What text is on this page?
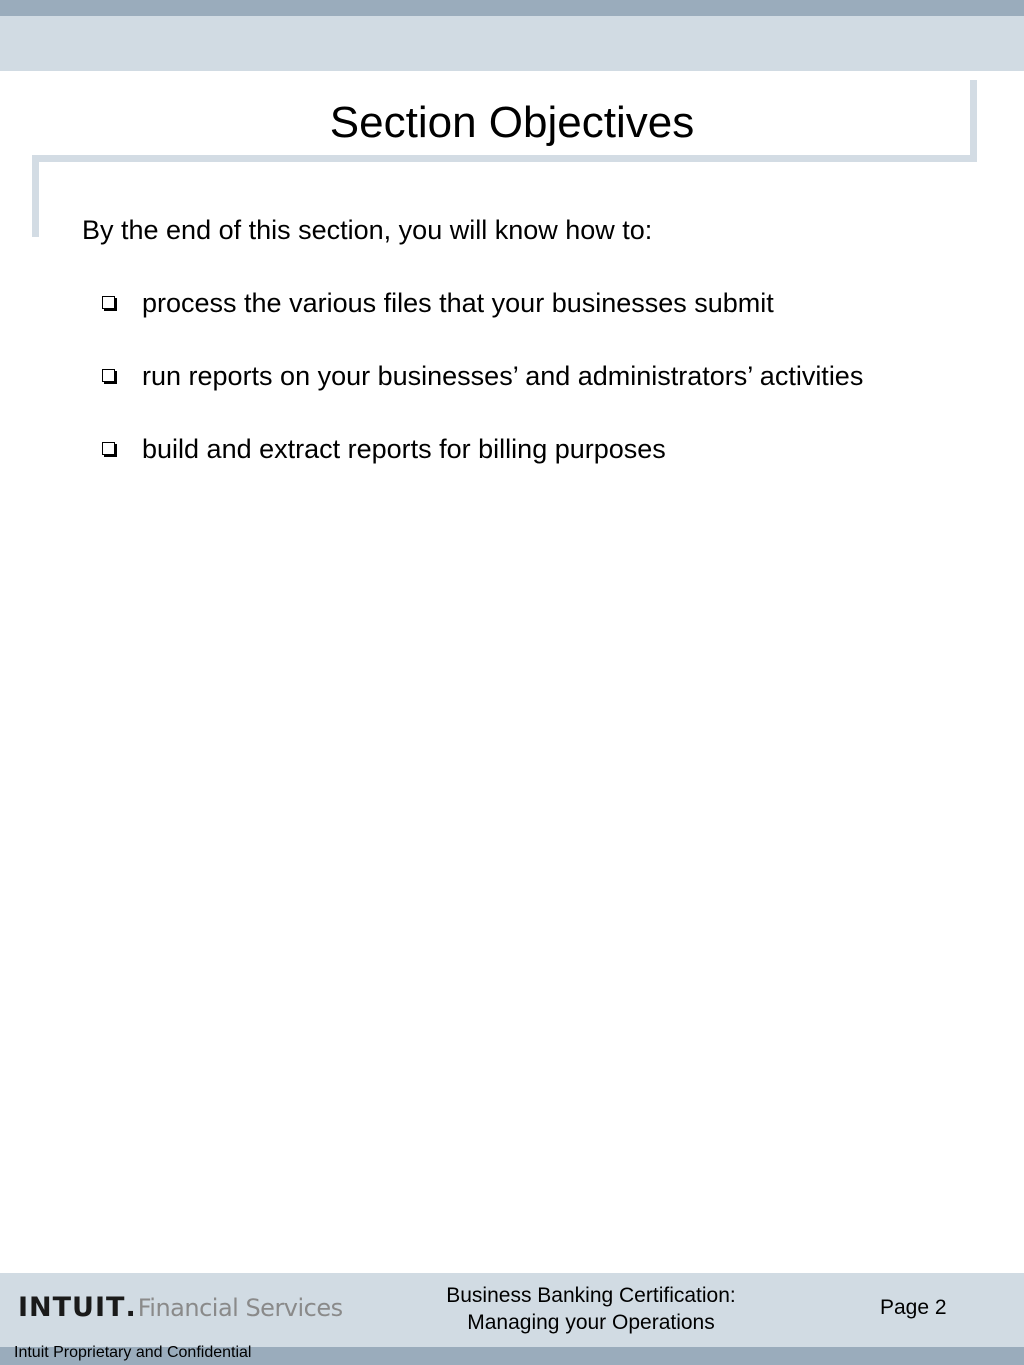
Section Objectives

By the end of this section, you will know how to:

process the various files that your businesses submit
run reports on your businesses’ and administrators’ activities
build and extract reports for billing purposes
INTUIT . Financial Services
Intuit Proprietary and Confidential
Business Banking Certification:
Managing your Operations
Page 2
